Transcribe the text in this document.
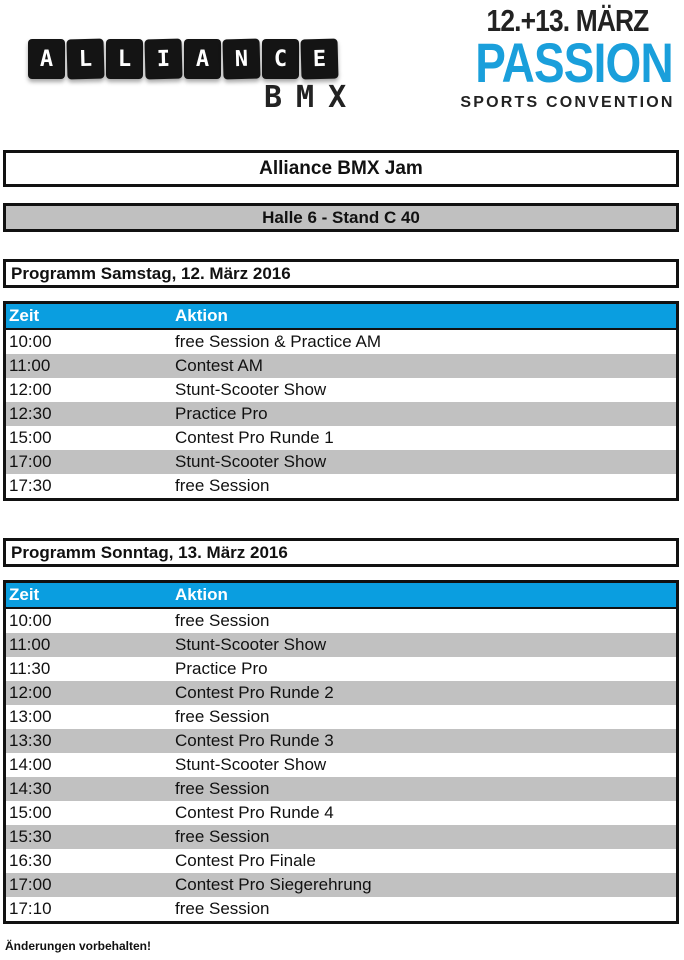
A	L	L	I	A	N	C	E
BMX
12.+13. MÄRZ
PASSION
SPORTS CONVENTION
Alliance BMX Jam
Halle 6 - Stand C 40
Programm Samstag, 12. März 2016
Zeit	Aktion
10:00	free Session & Practice AM
11:00	Contest AM
12:00	Stunt-Scooter Show
12:30	Practice Pro
15:00	Contest Pro Runde 1
17:00	Stunt-Scooter Show
17:30	free Session
Programm Sonntag, 13. März 2016
Zeit	Aktion
10:00	free Session
11:00	Stunt-Scooter Show
11:30	Practice Pro
12:00	Contest Pro Runde 2
13:00	free Session
13:30	Contest Pro Runde 3
14:00	Stunt-Scooter Show
14:30	free Session
15:00	Contest Pro Runde 4
15:30	free Session
16:30	Contest Pro Finale
17:00	Contest Pro Siegerehrung
17:10	free Session
Änderungen vorbehalten!
